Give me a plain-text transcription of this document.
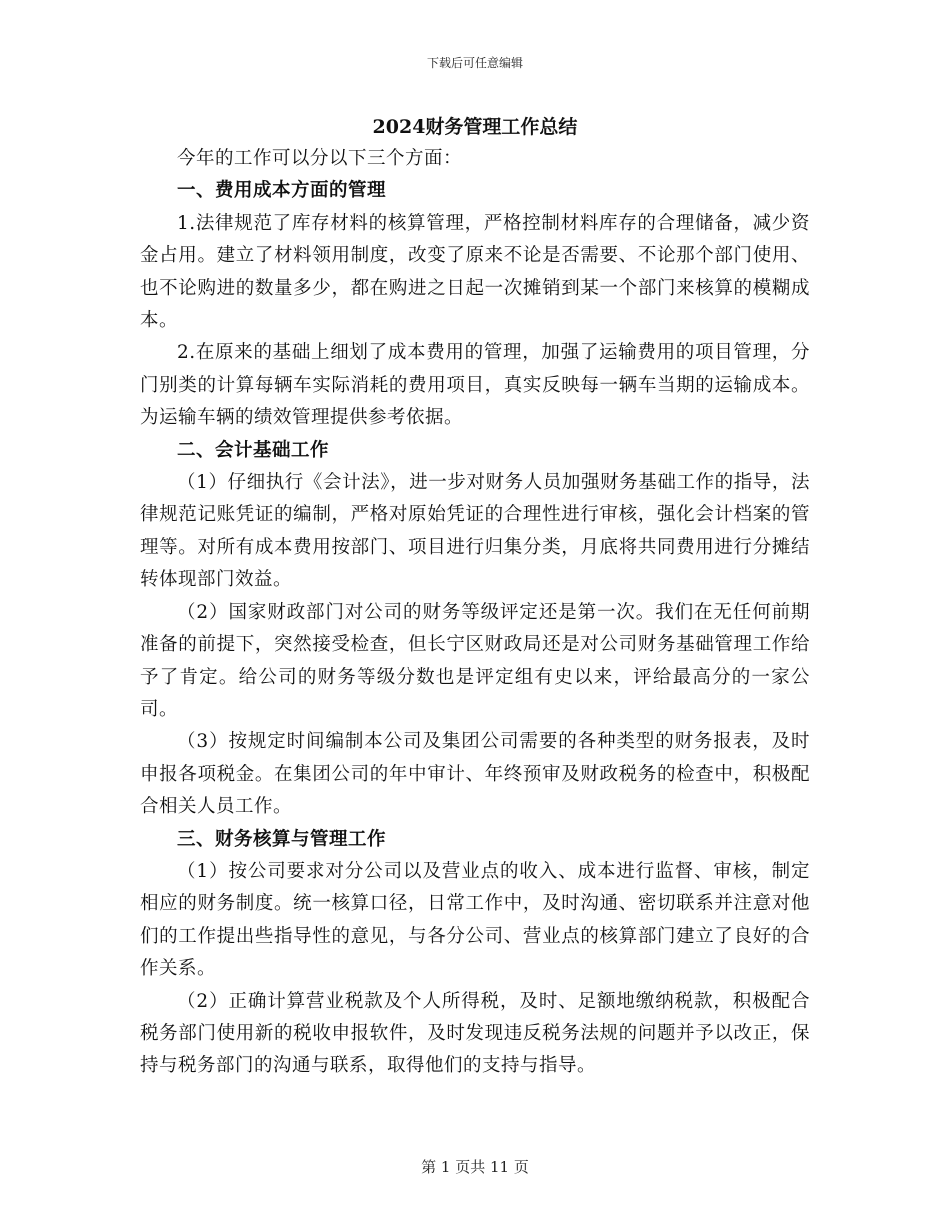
下载后可任意编辑
2024财务管理工作总结

今年的工作可以分以下三个方面：

一、费用成本方面的管理

1.法律规范了库存材料的核算管理，严格控制材料库存的合理储备，减少资金占用。建立了材料领用制度，改变了原来不论是否需要、不论那个部门使用、也不论购进的数量多少，都在购进之日起一次摊销到某一个部门来核算的模糊成本。

2.在原来的基础上细划了成本费用的管理，加强了运输费用的项目管理，分门别类的计算每辆车实际消耗的费用项目，真实反映每一辆车当期的运输成本。为运输车辆的绩效管理提供参考依据。

二、会计基础工作

（1）仔细执行《会计法》，进一步对财务人员加强财务基础工作的指导，法律规范记账凭证的编制，严格对原始凭证的合理性进行审核，强化会计档案的管理等。对所有成本费用按部门、项目进行归集分类，月底将共同费用进行分摊结转体现部门效益。

（2）国家财政部门对公司的财务等级评定还是第一次。我们在无任何前期准备的前提下，突然接受检查，但长宁区财政局还是对公司财务基础管理工作给予了肯定。给公司的财务等级分数也是评定组有史以来，评给最高分的一家公司。

（3）按规定时间编制本公司及集团公司需要的各种类型的财务报表，及时申报各项税金。在集团公司的年中审计、年终预审及财政税务的检查中，积极配合相关人员工作。

三、财务核算与管理工作

（1）按公司要求对分公司以及营业点的收入、成本进行监督、审核，制定相应的财务制度。统一核算口径，日常工作中，及时沟通、密切联系并注意对他们的工作提出些指导性的意见，与各分公司、营业点的核算部门建立了良好的合作关系。

（2）正确计算营业税款及个人所得税，及时、足额地缴纳税款，积极配合税务部门使用新的税收申报软件，及时发现违反税务法规的问题并予以改正，保持与税务部门的沟通与联系，取得他们的支持与指导。

第 1 页共 11 页
